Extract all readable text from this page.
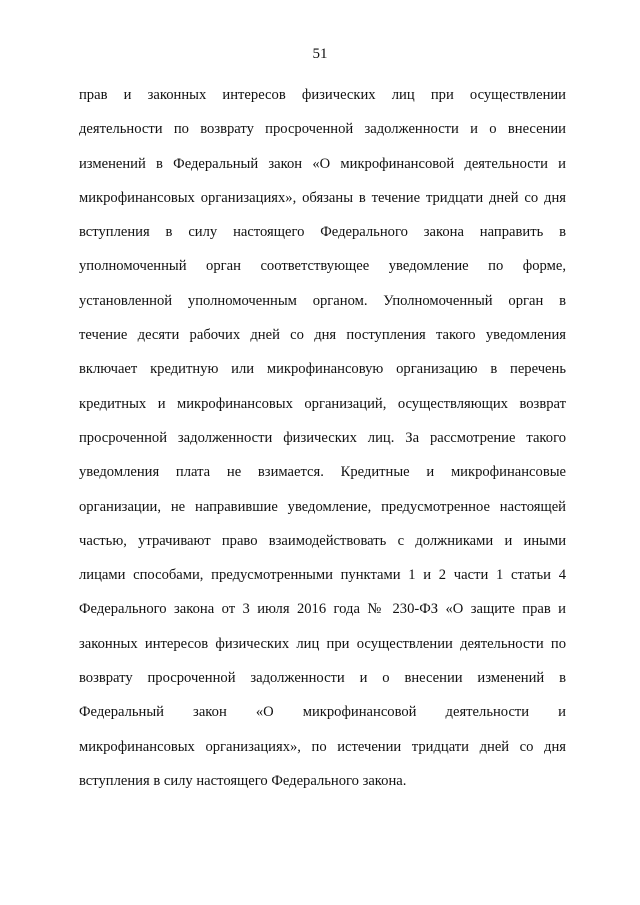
51
прав и законных интересов физических лиц при осуществлении
деятельности по возврату просроченной задолженности и о внесении
изменений в Федеральный закон «О микрофинансовой деятельности и
микрофинансовых организациях», обязаны в течение тридцати дней со дня
вступления в силу настоящего Федерального закона направить в
уполномоченный орган соответствующее уведомление по форме,
установленной уполномоченным органом. Уполномоченный орган в
течение десяти рабочих дней со дня поступления такого уведомления
включает кредитную или микрофинансовую организацию в перечень
кредитных и микрофинансовых организаций, осуществляющих возврат
просроченной задолженности физических лиц. За рассмотрение такого
уведомления плата не взимается. Кредитные и микрофинансовые
организации, не направившие уведомление, предусмотренное настоящей
частью, утрачивают право взаимодействовать с должниками и иными
лицами способами, предусмотренными пунктами 1 и 2 части 1 статьи 4
Федерального закона от 3 июля 2016 года № 230-ФЗ «О защите прав и
законных интересов физических лиц при осуществлении деятельности по
возврату просроченной задолженности и о внесении изменений в
Федеральный закон «О микрофинансовой деятельности и
микрофинансовых организациях», по истечении тридцати дней со дня
вступления в силу настоящего Федерального закона.
